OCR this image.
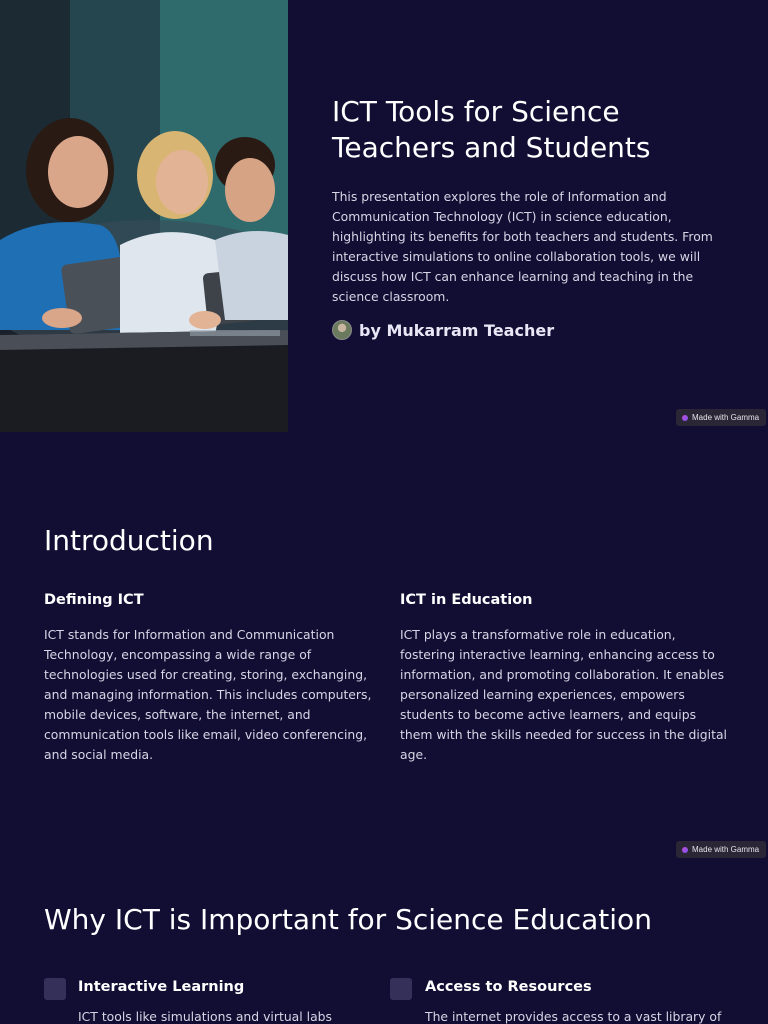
ICT Tools for Science Teachers and Students

This presentation explores the role of Information and Communication Technology (ICT) in science education, highlighting its benefits for both teachers and students. From interactive simulations to online collaboration tools, we will discuss how ICT can enhance learning and teaching in the science classroom.

by Mukarram Teacher
Made with Gamma
Introduction
Defining ICT

ICT stands for Information and Communication Technology, encompassing a wide range of technologies used for creating, storing, exchanging, and managing information. This includes computers, mobile devices, software, the internet, and communication tools like email, video conferencing, and social media.

ICT in Education

ICT plays a transformative role in education, fostering interactive learning, enhancing access to information, and promoting collaboration. It enables personalized learning experiences, empowers students to become active learners, and equips them with the skills needed for success in the digital age.

Made with Gamma
Why ICT is Important for Science Education
Interactive Learning

ICT tools like simulations and virtual labs

Access to Resources

The internet provides access to a vast library of
